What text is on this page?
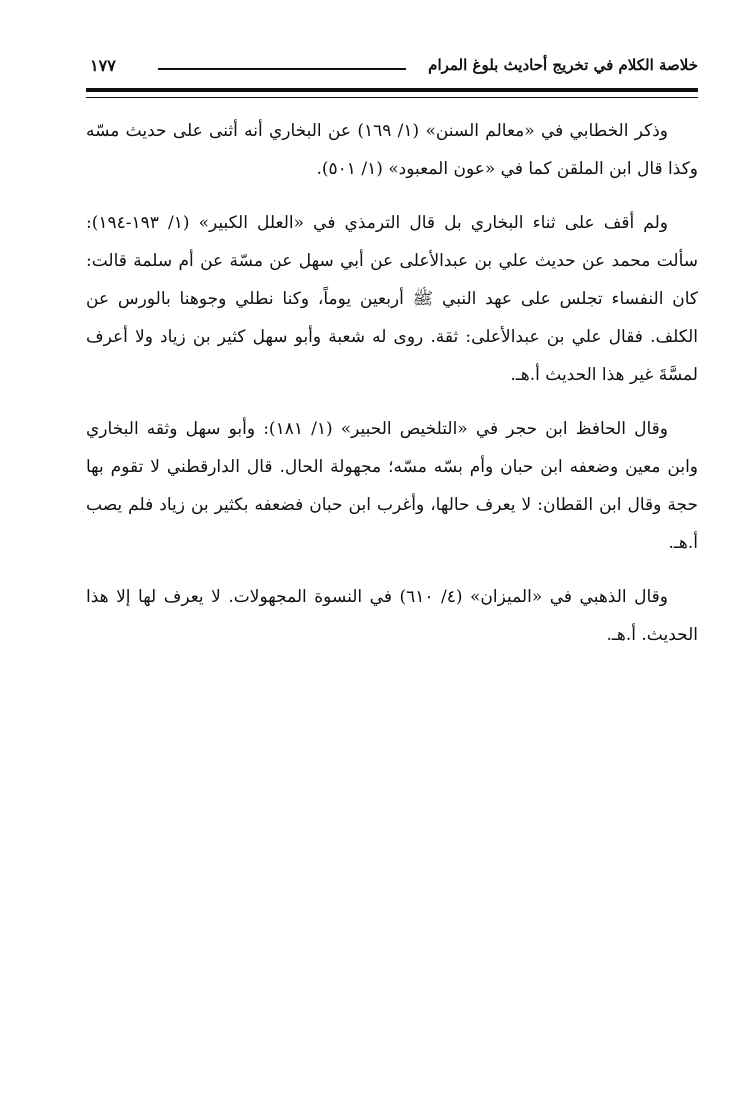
خلاصة الكلام في تخريج أحاديث بلوغ المرام
١٧٧

وذكر الخطابي في «معالم السنن» (١/ ١٦٩) عن البخاري أنه أثنى على حديث مسّه وكذا قال ابن الملقن كما في «عون المعبود» (١/ ٥٠١).

ولم أقف على ثناء البخاري بل قال الترمذي في «العلل الكبير» (١/ ١٩٣-١٩٤): سألت محمد عن حديث علي بن عبدالأعلى عن أبي سهل عن مسّة عن أم سلمة قالت: كان النفساء تجلس على عهد النبي ﷺ أربعين يوماً، وكنا نطلي وجوهنا بالورس عن الكلف. فقال علي بن عبدالأعلى: ثقة. روى له شعبة وأبو سهل كثير بن زياد ولا أعرف لمسَّةَ غير هذا الحديث أ.هـ.

وقال الحافظ ابن حجر في «التلخيص الحبير» (١/ ١٨١): وأبو سهل وثقه البخاري وابن معين وضعفه ابن حبان وأم بسّه مسّه؛ مجهولة الحال. قال الدارقطني لا تقوم بها حجة وقال ابن القطان: لا يعرف حالها، وأغرب ابن حبان فضعفه بكثير بن زياد فلم يصب أ.هـ.

وقال الذهبي في «الميزان» (٤/ ٦١٠) في النسوة المجهولات. لا يعرف لها إلا هذا الحديث. أ.هـ.
